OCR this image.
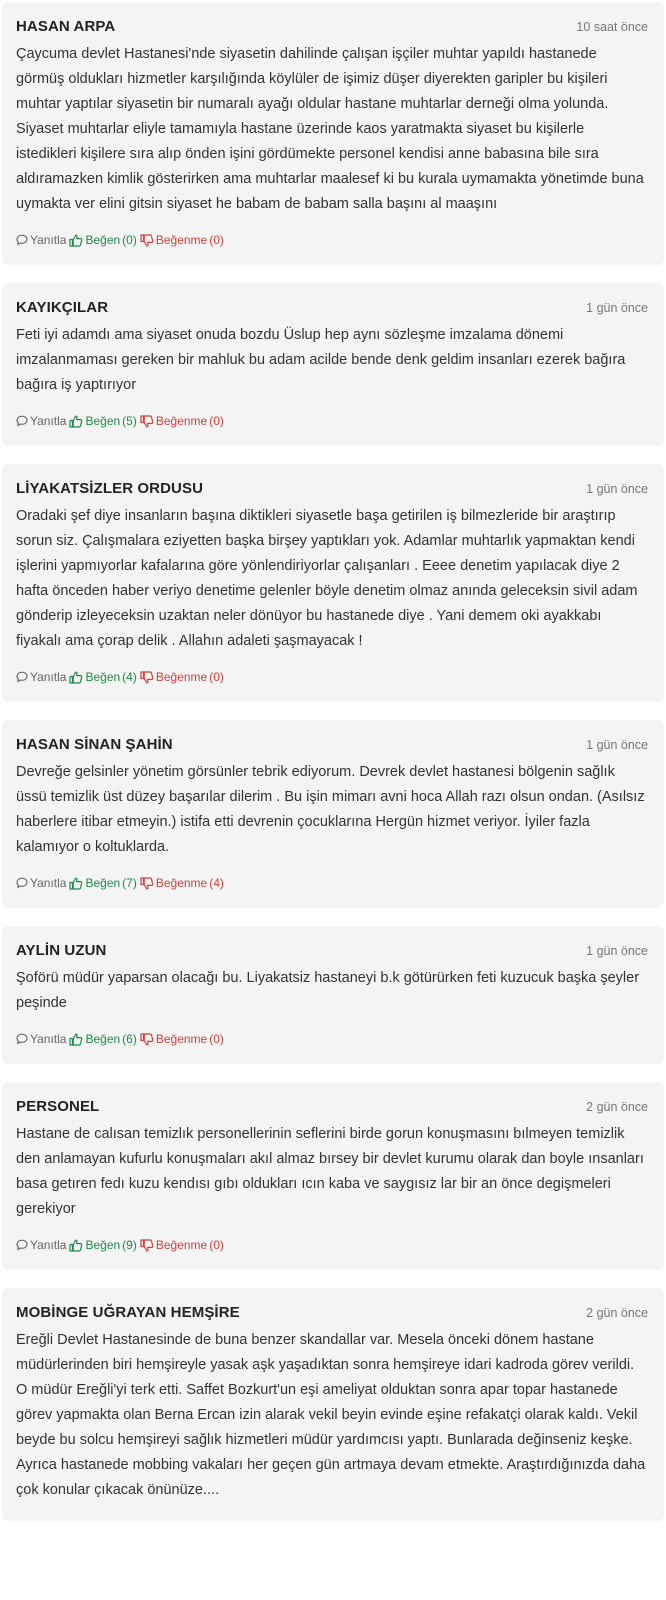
HASAN ARPA	10 saat önce

Çaycuma devlet Hastanesi'nde siyasetin dahilinde çalışan işçiler muhtar yapıldı hastanede görmüş oldukları hizmetler karşılığında köylüler de işimiz düşer diyerekten garipler bu kişileri muhtar yaptılar siyasetin bir numaralı ayağı oldular hastane muhtarlar derneği olma yolunda. Siyaset muhtarlar eliyle tamamıyla hastane üzerinde kaos yaratmakta siyaset bu kişilerle istedikleri kişilere sıra alıp önden işini gördümekte personel kendisi anne babasına bile sıra aldıramazken kimlik gösterirken ama muhtarlar maalesef ki bu kurala uymamakta yönetimde buna uymakta ver elini gitsin siyaset he babam de babam salla başını al maaşını

Yanıtla Beğen (0) Beğenme (0)
KAYIKÇILAR	1 gün önce

Feti iyi adamdı ama siyaset onuda bozdu Üslup hep aynı sözleşme imzalama dönemi imzalanmaması gereken bir mahluk bu adam acilde bende denk geldim insanları ezerek bağıra bağıra iş yaptırıyor

Yanıtla Beğen (5) Beğenme (0)
LİYAKATSİZLER ORDUSU	1 gün önce

Oradaki şef diye insanların başına diktikleri siyasetle başa getirilen iş bilmezleride bir araştırıp sorun siz. Çalışmalara eziyetten başka birşey yaptıkları yok. Adamlar muhtarlık yapmaktan kendi işlerini yapmıyorlar kafalarına göre yönlendiriyorlar çalışanları . Eeee denetim yapılacak diye 2 hafta önceden haber veriyo denetime gelenler böyle denetim olmaz anında geleceksin sivil adam gönderip izleyeceksin uzaktan neler dönüyor bu hastanede diye . Yani demem oki ayakkabı fiyakalı ama çorap delik . Allahın adaleti şaşmayacak !

Yanıtla Beğen (4) Beğenme (0)
HASAN SİNAN ŞAHİN	1 gün önce

Devreğe gelsinler yönetim görsünler tebrik ediyorum. Devrek devlet hastanesi bölgenin sağlık üssü temizlik üst düzey başarılar dilerim . Bu işin mimarı avni hoca Allah razı olsun ondan. (Asılsız haberlere itibar etmeyin.) istifa etti devrenin çocuklarına Hergün hizmet veriyor. İyiler fazla kalamıyor o koltuklarda.

Yanıtla Beğen (7) Beğenme (4)
AYLİN UZUN	1 gün önce

Şoförü müdür yaparsan olacağı bu. Liyakatsiz hastaneyi b.k götürürken feti kuzucuk başka şeyler peşinde

Yanıtla Beğen (6) Beğenme (0)
PERSONEL	2 gün önce

Hastane de calısan temizlık personellerinin seflerini birde gorun konuşmasını bılmeyen temizlik den anlamayan kufurlu konuşmaları akıl almaz bırsey bir devlet kurumu olarak dan boyle ınsanları basa getıren fedı kuzu kendısı gıbı oldukları ıcın kaba ve saygısız lar bir an önce degişmeleri gerekiyor

Yanıtla Beğen (9) Beğenme (0)
MOBİNGE UĞRAYAN HEMŞİRE	2 gün önce

Ereğli Devlet Hastanesinde de buna benzer skandallar var. Mesela önceki dönem hastane müdürlerinden biri hemşireyle yasak aşk yaşadıktan sonra hemşireye idari kadroda görev verildi. O müdür Ereğli'yi terk etti. Saffet Bozkurt'un eşi ameliyat olduktan sonra apar topar hastanede görev yapmakta olan Berna Ercan izin alarak vekil beyin evinde eşine refakatçi olarak kaldı. Vekil beyde bu solcu hemşireyi sağlık hizmetleri müdür yardımcısı yaptı. Bunlarada değinseniz keşke. Ayrıca hastanede mobbing vakaları her geçen gün artmaya devam etmekte. Araştırdığınızda daha çok konular çıkacak önünüze....
